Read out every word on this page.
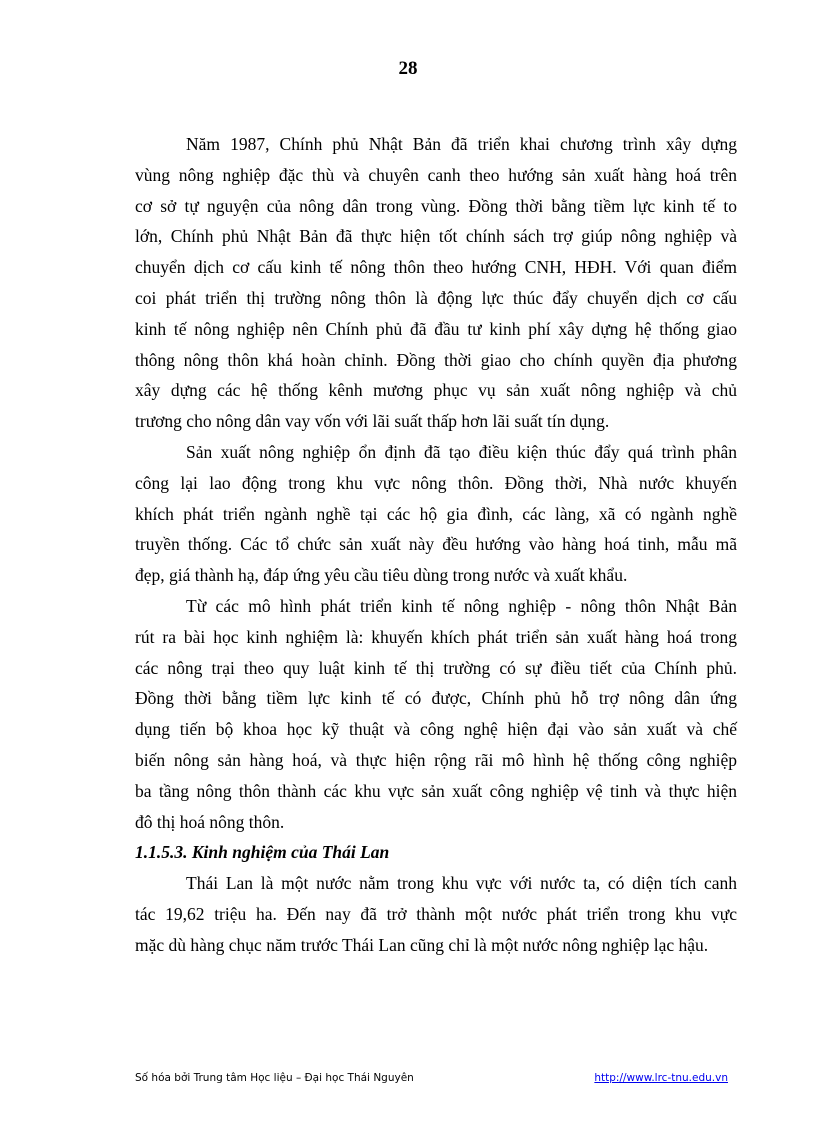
28
Năm 1987, Chính phủ Nhật Bản đã triển khai chương trình xây dựng
vùng nông nghiệp đặc thù và chuyên canh theo hướng sản xuất hàng hoá trên
cơ sở tự nguyện của nông dân trong vùng. Đồng thời bằng tiềm lực kinh tế to
lớn, Chính phủ Nhật Bản đã thực hiện tốt chính sách trợ giúp nông nghiệp và
chuyển dịch cơ cấu kinh tế nông thôn theo hướng CNH, HĐH. Với quan điểm
coi phát triển thị trường nông thôn là động lực thúc đẩy chuyển dịch cơ cấu
kinh tế nông nghiệp nên Chính phủ đã đầu tư kinh phí xây dựng hệ thống giao
thông nông thôn khá hoàn chỉnh. Đồng thời giao cho chính quyền địa phương
xây dựng các hệ thống kênh mương phục vụ sản xuất nông nghiệp và chủ
trương cho nông dân vay vốn với lãi suất thấp hơn lãi suất tín dụng.
Sản xuất nông nghiệp ổn định đã tạo điều kiện thúc đẩy quá trình phân
công lại lao động trong khu vực nông thôn. Đồng thời, Nhà nước khuyến
khích phát triển ngành nghề tại các hộ gia đình, các làng, xã có ngành nghề
truyền thống. Các tổ chức sản xuất này đều hướng vào hàng hoá tinh, mẫu mã
đẹp, giá thành hạ, đáp ứng yêu cầu tiêu dùng trong nước và xuất khẩu.
Từ các mô hình phát triển kinh tế nông nghiệp - nông thôn Nhật Bản
rút ra bài học kinh nghiệm là: khuyến khích phát triển sản xuất hàng hoá trong
các nông trại theo quy luật kinh tế thị trường có sự điều tiết của Chính phủ.
Đồng thời bằng tiềm lực kinh tế có được, Chính phủ hỗ trợ nông dân ứng
dụng tiến bộ khoa học kỹ thuật và công nghệ hiện đại vào sản xuất và chế
biến nông sản hàng hoá, và thực hiện rộng rãi mô hình hệ thống công nghiệp
ba tầng nông thôn thành các khu vực sản xuất công nghiệp vệ tinh và thực hiện
đô thị hoá nông thôn.
1.1.5.3. Kinh nghiệm của Thái Lan
Thái Lan là một nước nằm trong khu vực với nước ta, có diện tích canh
tác 19,62 triệu ha. Đến nay đã trở thành một nước phát triển trong khu vực
mặc dù hàng chục năm trước Thái Lan cũng chỉ là một nước nông nghiệp lạc hậu.
Số hóa bởi Trung tâm Học liệu – Đại học Thái Nguyên	http://www.lrc-tnu.edu.vn
